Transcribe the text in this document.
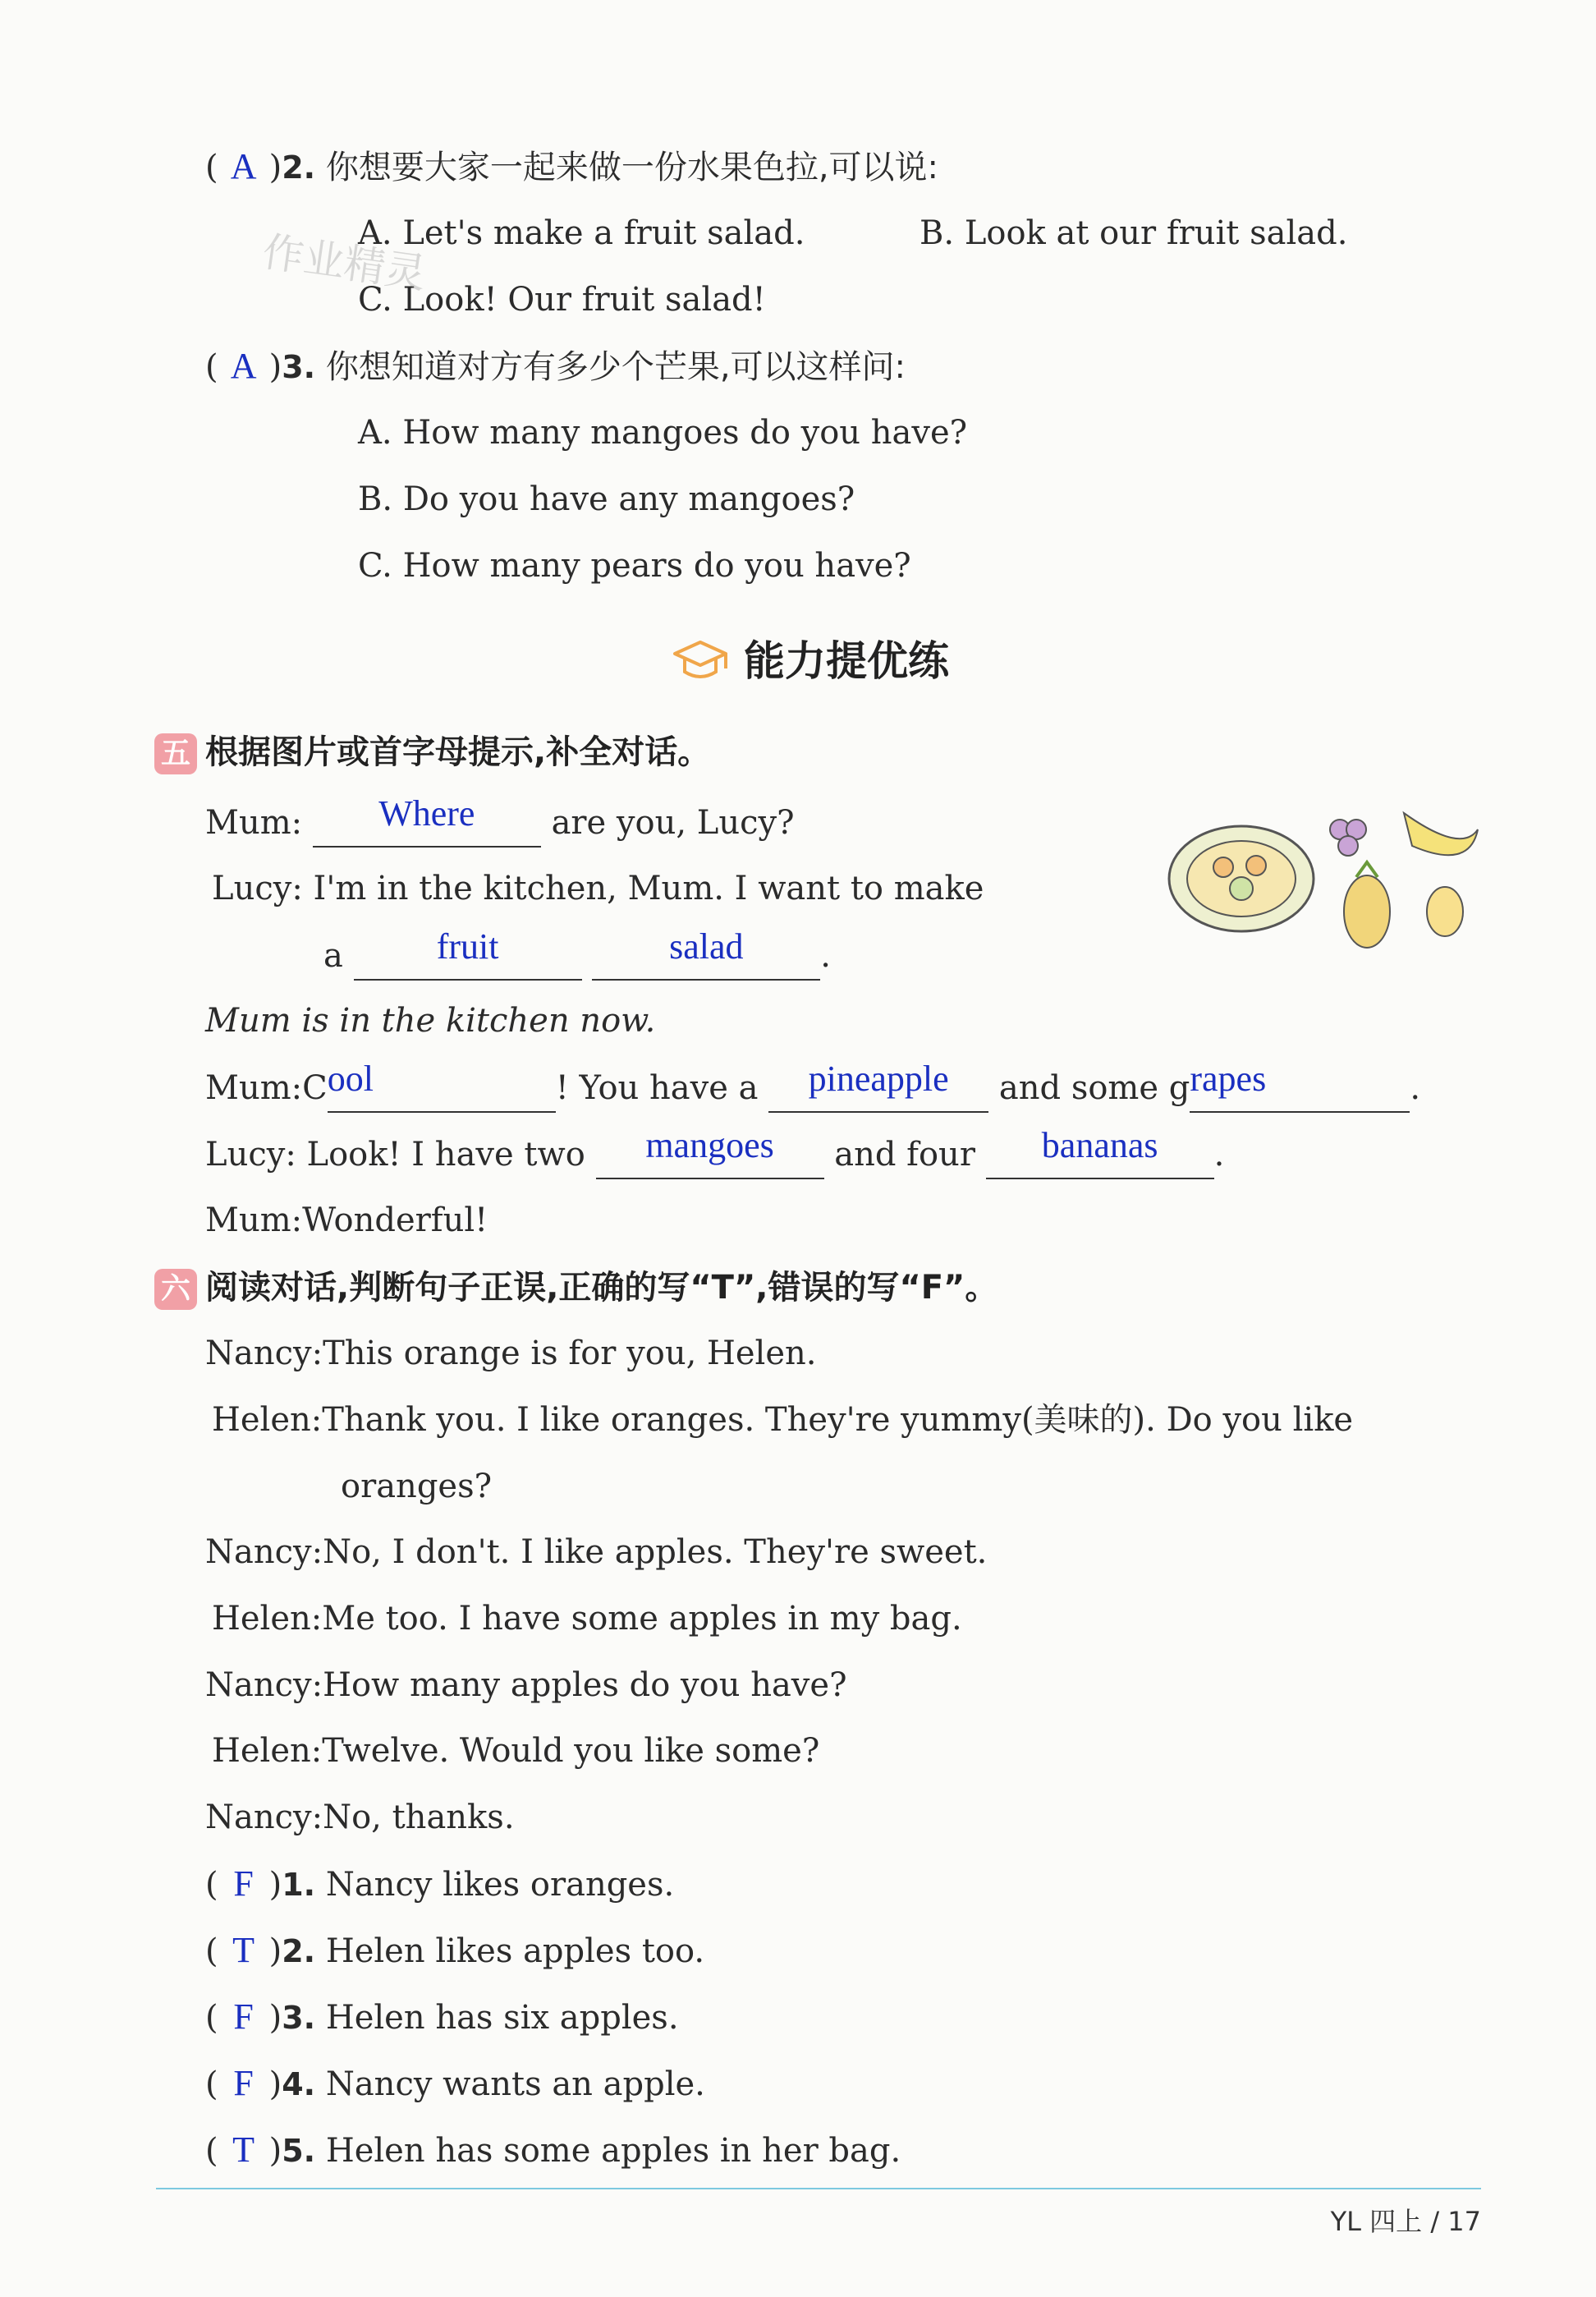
( A )2. 你想要大家一起来做一份水果色拉,可以说:
A. Let's make a fruit salad.	B. Look at our fruit salad.
C. Look! Our fruit salad!
作业精灵
( A )3. 你想知道对方有多少个芒果,可以这样问:
A. How many mangoes do you have?
B. Do you have any mangoes?
C. How many pears do you have?
能力提优练
五 根据图片或首字母提示,补全对话。
Mum: Where are you, Lucy?
Lucy: I'm in the kitchen, Mum. I want to make
a	fruit	salad .
Mum is in the kitchen now.
Mum:Cool	! You have a pineapple and some grapes	.
Lucy: Look! I have two mangoes and four bananas .
Mum:Wonderful!
六 阅读对话,判断句子正误,正确的写“T”,错误的写“F”。
Nancy:This orange is for you, Helen.
Helen:Thank you. I like oranges. They're yummy(美味的). Do you like
oranges?
Nancy:No, I don't. I like apples. They're sweet.
Helen:Me too. I have some apples in my bag.
Nancy:How many apples do you have?
Helen:Twelve. Would you like some?
Nancy:No, thanks.
( F )1. Nancy likes oranges.
( T )2. Helen likes apples too.
( F )3. Helen has six apples.
( F )4. Nancy wants an apple.
( T )5. Helen has some apples in her bag.
YL 四上 / 17
